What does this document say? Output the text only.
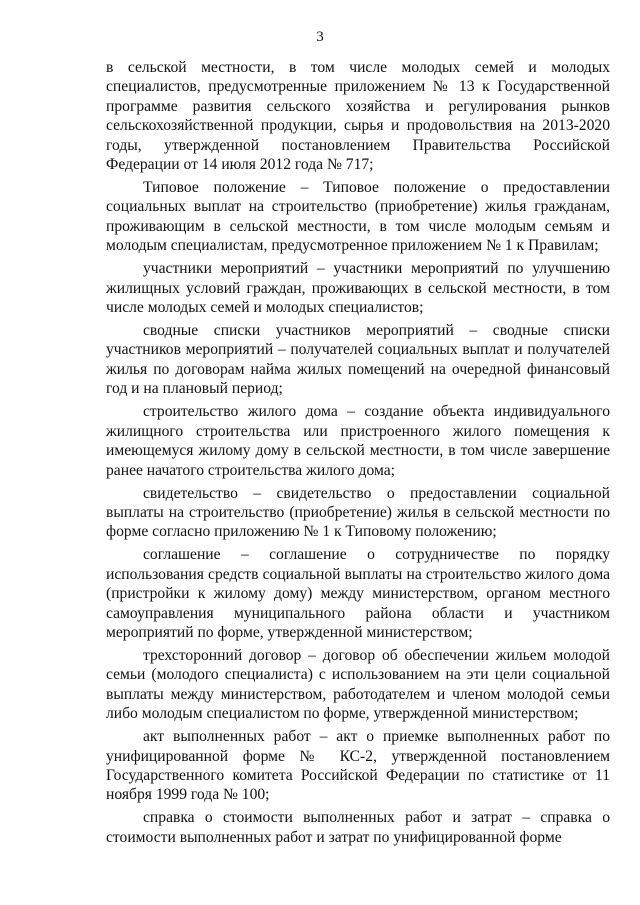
3

в сельской местности, в том числе молодых семей и молодых специалистов, предусмотренные приложением № 13 к Государственной программе развития сельского хозяйства и регулирования рынков сельскохозяйственной продукции, сырья и продовольствия на 2013-2020 годы, утвержденной постановлением Правительства Российской Федерации от 14 июля 2012 года № 717;

Типовое положение – Типовое положение о предоставлении социальных выплат на строительство (приобретение) жилья гражданам, проживающим в сельской местности, в том числе молодым семьям и молодым специалистам, предусмотренное приложением № 1 к Правилам;

участники мероприятий – участники мероприятий по улучшению жилищных условий граждан, проживающих в сельской местности, в том числе молодых семей и молодых специалистов;

сводные списки участников мероприятий – сводные списки участников мероприятий – получателей социальных выплат и получателей жилья по договорам найма жилых помещений на очередной финансовый год и на плановый период;

строительство жилого дома – создание объекта индивидуального жилищного строительства или пристроенного жилого помещения к имеющемуся жилому дому в сельской местности, в том числе завершение ранее начатого строительства жилого дома;

свидетельство – свидетельство о предоставлении социальной выплаты на строительство (приобретение) жилья в сельской местности по форме согласно приложению № 1 к Типовому положению;

соглашение – соглашение о сотрудничестве по порядку использования средств социальной выплаты на строительство жилого дома (пристройки к жилому дому) между министерством, органом местного самоуправления муниципального района области и участником мероприятий по форме, утвержденной министерством;

трехсторонний договор – договор об обеспечении жильем молодой семьи (молодого специалиста) с использованием на эти цели социальной выплаты между министерством, работодателем и членом молодой семьи либо молодым специалистом по форме, утвержденной министерством;

акт выполненных работ – акт о приемке выполненных работ по унифицированной форме № КС-2, утвержденной постановлением Государственного комитета Российской Федерации по статистике от 11 ноября 1999 года № 100;

справка о стоимости выполненных работ и затрат – справка о стоимости выполненных работ и затрат по унифицированной форме
